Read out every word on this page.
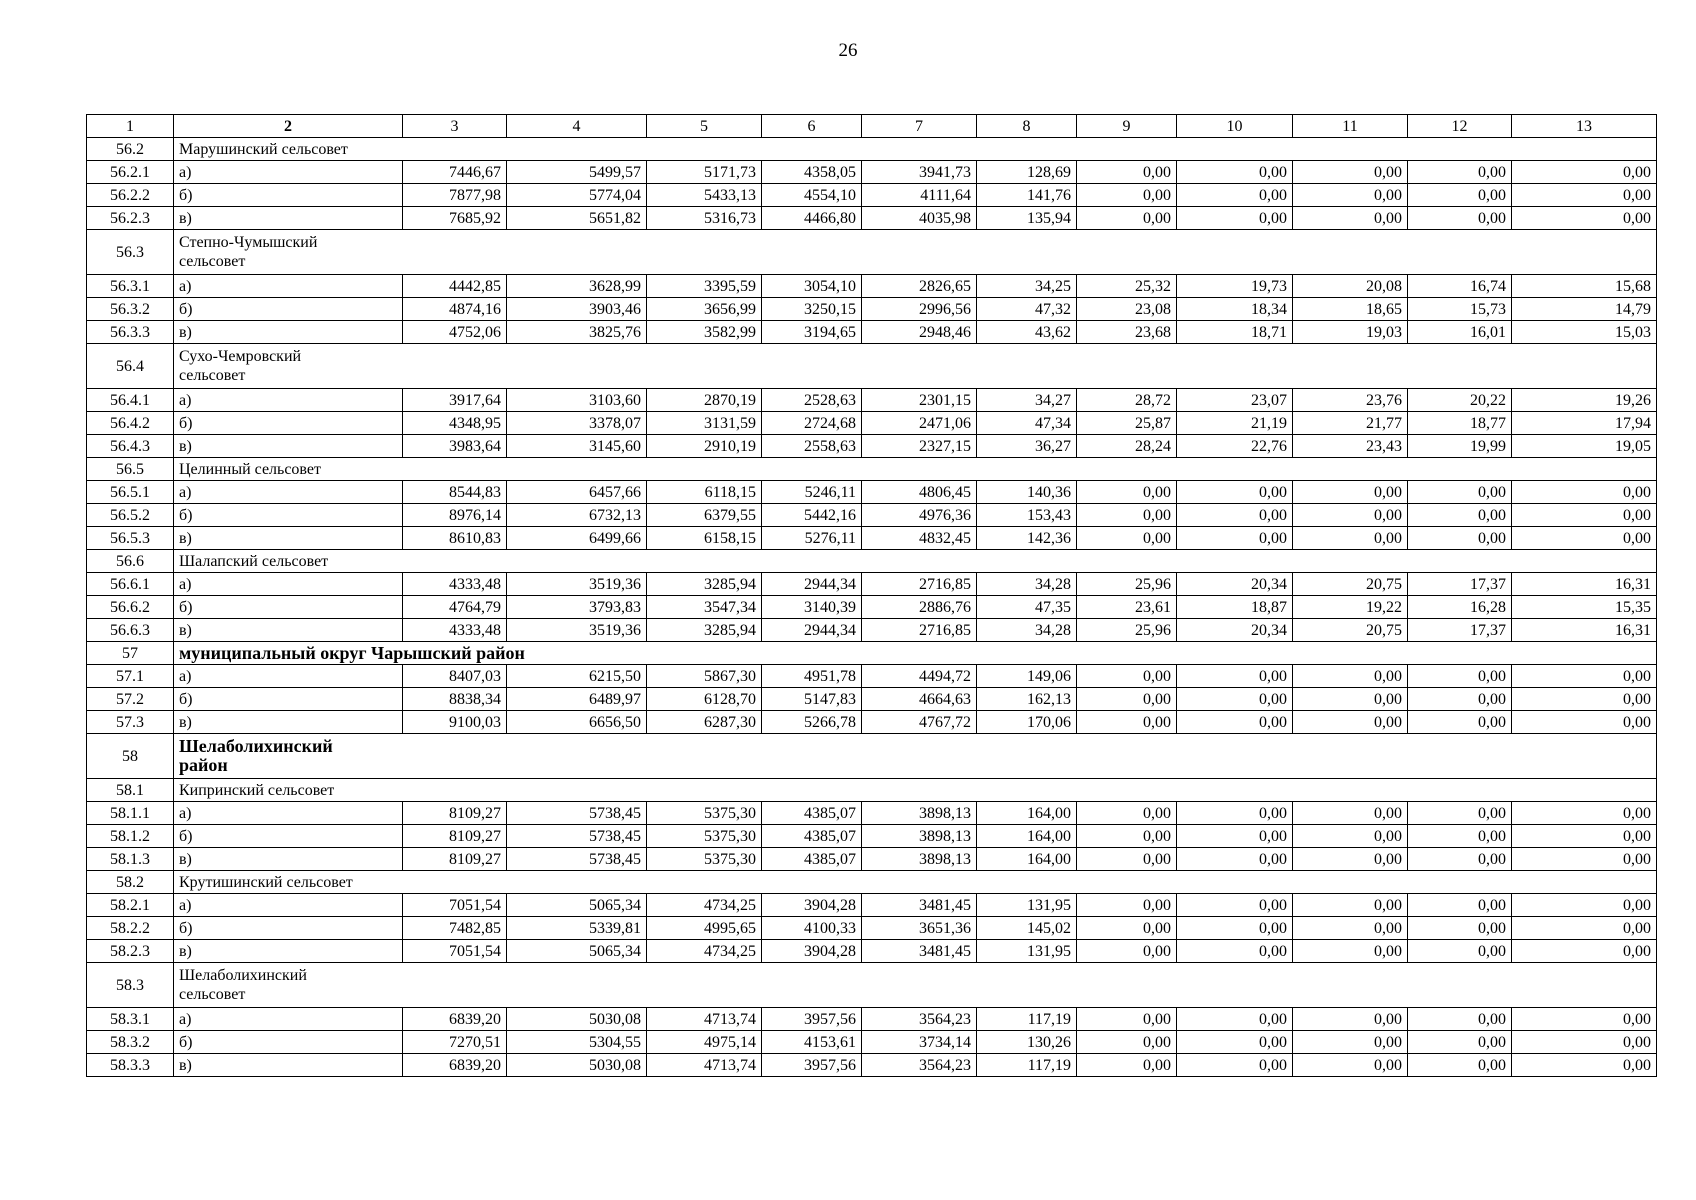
26
1	2	3	4	5	6	7	8	9	10	11	12	13
56.2	Марушинский сельсовет											
56.2.1	а)	7446,67	5499,57	5171,73	4358,05	3941,73	128,69	0,00	0,00	0,00	0,00	0,00
56.2.2	б)	7877,98	5774,04	5433,13	4554,10	4111,64	141,76	0,00	0,00	0,00	0,00	0,00
56.2.3	в)	7685,92	5651,82	5316,73	4466,80	4035,98	135,94	0,00	0,00	0,00	0,00	0,00
56.3	Степно-Чумышский сельсовет											
56.3.1	а)	4442,85	3628,99	3395,59	3054,10	2826,65	34,25	25,32	19,73	20,08	16,74	15,68
56.3.2	б)	4874,16	3903,46	3656,99	3250,15	2996,56	47,32	23,08	18,34	18,65	15,73	14,79
56.3.3	в)	4752,06	3825,76	3582,99	3194,65	2948,46	43,62	23,68	18,71	19,03	16,01	15,03
56.4	Сухо-Чемровский сельсовет											
56.4.1	а)	3917,64	3103,60	2870,19	2528,63	2301,15	34,27	28,72	23,07	23,76	20,22	19,26
56.4.2	б)	4348,95	3378,07	3131,59	2724,68	2471,06	47,34	25,87	21,19	21,77	18,77	17,94
56.4.3	в)	3983,64	3145,60	2910,19	2558,63	2327,15	36,27	28,24	22,76	23,43	19,99	19,05
56.5	Целинный сельсовет											
56.5.1	а)	8544,83	6457,66	6118,15	5246,11	4806,45	140,36	0,00	0,00	0,00	0,00	0,00
56.5.2	б)	8976,14	6732,13	6379,55	5442,16	4976,36	153,43	0,00	0,00	0,00	0,00	0,00
56.5.3	в)	8610,83	6499,66	6158,15	5276,11	4832,45	142,36	0,00	0,00	0,00	0,00	0,00
56.6	Шалапский сельсовет											
56.6.1	а)	4333,48	3519,36	3285,94	2944,34	2716,85	34,28	25,96	20,34	20,75	17,37	16,31
56.6.2	б)	4764,79	3793,83	3547,34	3140,39	2886,76	47,35	23,61	18,87	19,22	16,28	15,35
56.6.3	в)	4333,48	3519,36	3285,94	2944,34	2716,85	34,28	25,96	20,34	20,75	17,37	16,31
57	муниципальный округ Чарышский район											
57.1	а)	8407,03	6215,50	5867,30	4951,78	4494,72	149,06	0,00	0,00	0,00	0,00	0,00
57.2	б)	8838,34	6489,97	6128,70	5147,83	4664,63	162,13	0,00	0,00	0,00	0,00	0,00
57.3	в)	9100,03	6656,50	6287,30	5266,78	4767,72	170,06	0,00	0,00	0,00	0,00	0,00
58	Шелаболихинский район											
58.1	Кипринский сельсовет											
58.1.1	а)	8109,27	5738,45	5375,30	4385,07	3898,13	164,00	0,00	0,00	0,00	0,00	0,00
58.1.2	б)	8109,27	5738,45	5375,30	4385,07	3898,13	164,00	0,00	0,00	0,00	0,00	0,00
58.1.3	в)	8109,27	5738,45	5375,30	4385,07	3898,13	164,00	0,00	0,00	0,00	0,00	0,00
58.2	Крутишинский сельсовет											
58.2.1	а)	7051,54	5065,34	4734,25	3904,28	3481,45	131,95	0,00	0,00	0,00	0,00	0,00
58.2.2	б)	7482,85	5339,81	4995,65	4100,33	3651,36	145,02	0,00	0,00	0,00	0,00	0,00
58.2.3	в)	7051,54	5065,34	4734,25	3904,28	3481,45	131,95	0,00	0,00	0,00	0,00	0,00
58.3	Шелаболихинский сельсовет											
58.3.1	а)	6839,20	5030,08	4713,74	3957,56	3564,23	117,19	0,00	0,00	0,00	0,00	0,00
58.3.2	б)	7270,51	5304,55	4975,14	4153,61	3734,14	130,26	0,00	0,00	0,00	0,00	0,00
58.3.3	в)	6839,20	5030,08	4713,74	3957,56	3564,23	117,19	0,00	0,00	0,00	0,00	0,00
